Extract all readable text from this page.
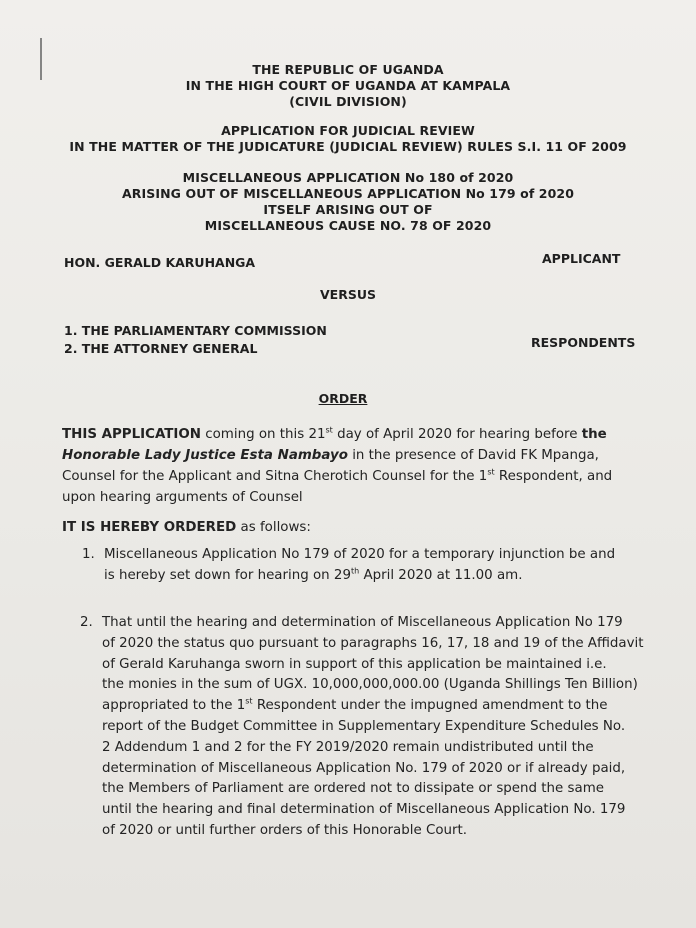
THE REPUBLIC OF UGANDA
IN THE HIGH COURT OF UGANDA AT KAMPALA
(CIVIL DIVISION)
APPLICATION FOR JUDICIAL REVIEW
IN THE MATTER OF THE JUDICATURE (JUDICIAL REVIEW) RULES S.I. 11 OF 2009
MISCELLANEOUS APPLICATION No 180 of 2020
ARISING OUT OF MISCELLANEOUS APPLICATION No 179 of 2020
ITSELF ARISING OUT OF
MISCELLANEOUS CAUSE NO. 78 OF 2020
HON. GERALD KARUHANGA	APPLICANT
VERSUS
1. THE PARLIAMENTARY COMMISSION
2. THE ATTORNEY GENERAL	RESPONDENTS
ORDER
THIS APPLICATION coming on this 21st day of April 2020 for hearing before the
Honorable Lady Justice Esta Nambayo in the presence of David FK Mpanga,
Counsel for the Applicant and Sitna Cherotich Counsel for the 1st Respondent, and
upon hearing arguments of Counsel
IT IS HEREBY ORDERED as follows:
1. Miscellaneous Application No 179 of 2020 for a temporary injunction be and
is hereby set down for hearing on 29th April 2020 at 11.00 am.
2. That until the hearing and determination of Miscellaneous Application No 179
of 2020 the status quo pursuant to paragraphs 16, 17, 18 and 19 of the Affidavit
of Gerald Karuhanga sworn in support of this application be maintained i.e.
the monies in the sum of UGX. 10,000,000,000.00 (Uganda Shillings Ten Billion)
appropriated to the 1st Respondent under the impugned amendment to the
report of the Budget Committee in Supplementary Expenditure Schedules No.
2 Addendum 1 and 2 for the FY 2019/2020 remain undistributed until the
determination of Miscellaneous Application No. 179 of 2020 or if already paid,
the Members of Parliament are ordered not to dissipate or spend the same
until the hearing and final determination of Miscellaneous Application No. 179
of 2020 or until further orders of this Honorable Court.
